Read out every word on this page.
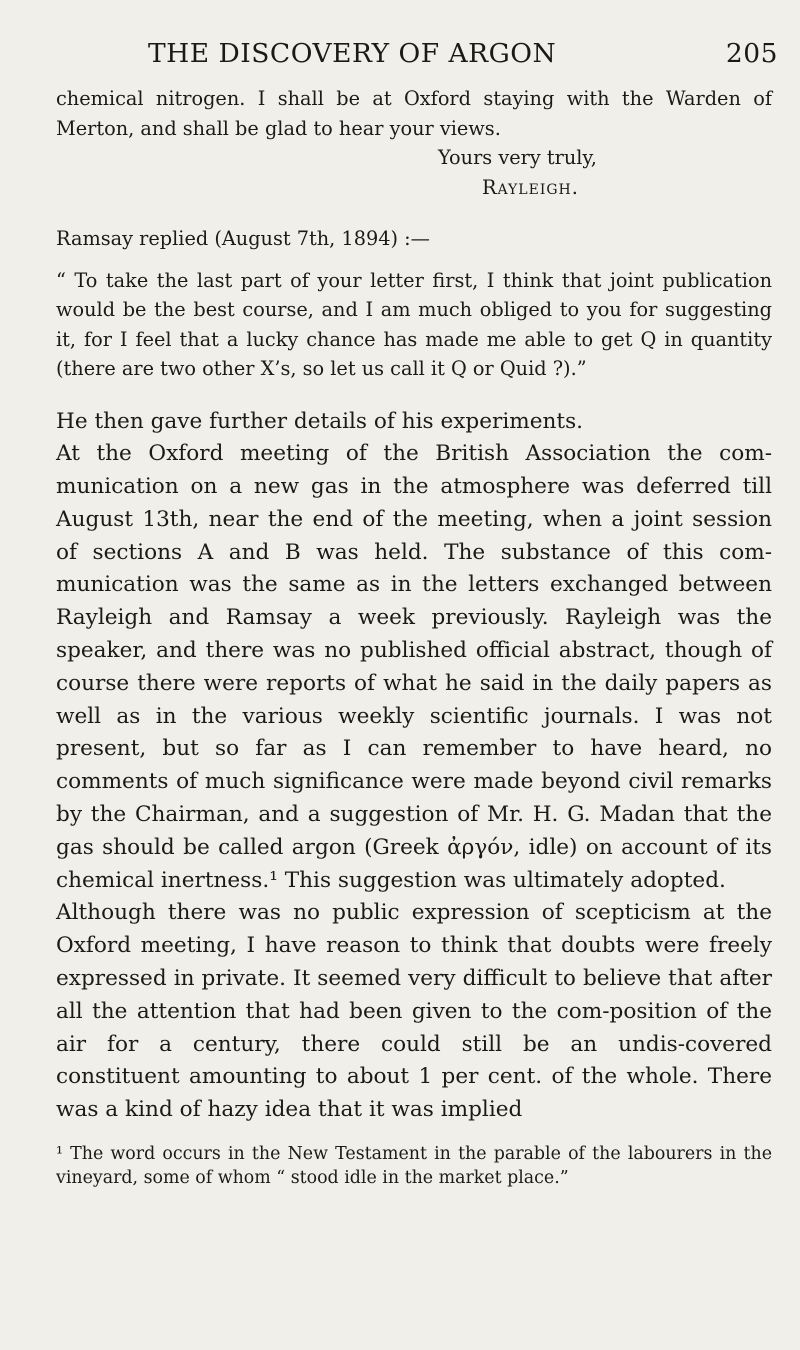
THE DISCOVERY OF ARGON	205

chemical nitrogen. I shall be at Oxford staying with the Warden of Merton, and shall be glad to hear your views.

Yours very truly,

Rayleigh.

Ramsay replied (August 7th, 1894) :—

“ To take the last part of your letter first, I think that joint publication would be the best course, and I am much obliged to you for suggesting it, for I feel that a lucky chance has made me able to get Q in quantity (there are two other X’s, so let us call it Q or Quid ?).”

He then gave further details of his experiments.

At the Oxford meeting of the British Association the com-munication on a new gas in the atmosphere was deferred till August 13th, near the end of the meeting, when a joint session of sections A and B was held. The substance of this com-munication was the same as in the letters exchanged between Rayleigh and Ramsay a week previously. Rayleigh was the speaker, and there was no published official abstract, though of course there were reports of what he said in the daily papers as well as in the various weekly scientific journals. I was not present, but so far as I can remember to have heard, no comments of much significance were made beyond civil remarks by the Chairman, and a suggestion of Mr. H. G. Madan that the gas should be called argon (Greek ἀργόν, idle) on account of its chemical inertness.¹ This suggestion was ultimately adopted.

Although there was no public expression of scepticism at the Oxford meeting, I have reason to think that doubts were freely expressed in private. It seemed very difficult to believe that after all the attention that had been given to the com-position of the air for a century, there could still be an undis-covered constituent amounting to about 1 per cent. of the whole. There was a kind of hazy idea that it was implied

¹ The word occurs in the New Testament in the parable of the labourers in the vineyard, some of whom “ stood idle in the market place.”
